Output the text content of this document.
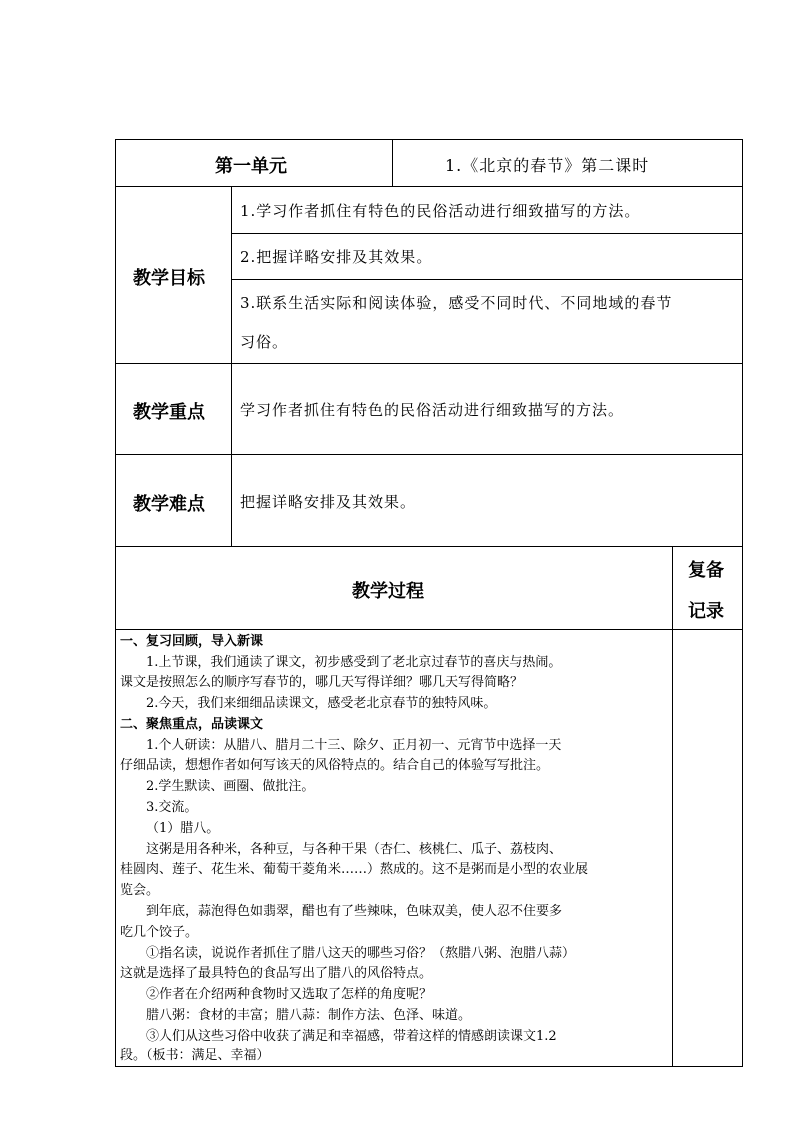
第一单元	1.《北京的春节》第二课时
教学目标
1.学习作者抓住有特色的民俗活动进行细致描写的方法。
2.把握详略安排及其效果。
3.联系生活实际和阅读体验，感受不同时代、不同地域的春节
习俗。
教学重点 学习作者抓住有特色的民俗活动进行细致描写的方法。
教学难点 把握详略安排及其效果。
教学过程
复备
记录
一、复习回顾，导入新课
1.上节课，我们通读了课文，初步感受到了老北京过春节的喜庆与热闹。
课文是按照怎么的顺序写春节的，哪几天写得详细？哪几天写得简略？
2.今天，我们来细细品读课文，感受老北京春节的独特风味。
二、聚焦重点，品读课文
1.个人研读：从腊八、腊月二十三、除夕、正月初一、元宵节中选择一天
仔细品读，想想作者如何写该天的风俗特点的。结合自己的体验写写批注。
2.学生默读、画圈、做批注。
3.交流。
（1）腊八。
这粥是用各种米，各种豆，与各种干果（杏仁、核桃仁、瓜子、荔枝肉、
桂圆肉、莲子、花生米、葡萄干菱角米……）熬成的。这不是粥而是小型的农业展
览会。
到年底，蒜泡得色如翡翠，醋也有了些辣味，色味双美，使人忍不住要多
吃几个饺子。
①指名读，说说作者抓住了腊八这天的哪些习俗？（熬腊八粥、泡腊八蒜）
这就是选择了最具特色的食品写出了腊八的风俗特点。
②作者在介绍两种食物时又选取了怎样的角度呢？
腊八粥：食材的丰富；腊八蒜：制作方法、色泽、味道。
③人们从这些习俗中收获了满足和幸福感，带着这样的情感朗读课文1.2
段。（板书：满足、幸福）
